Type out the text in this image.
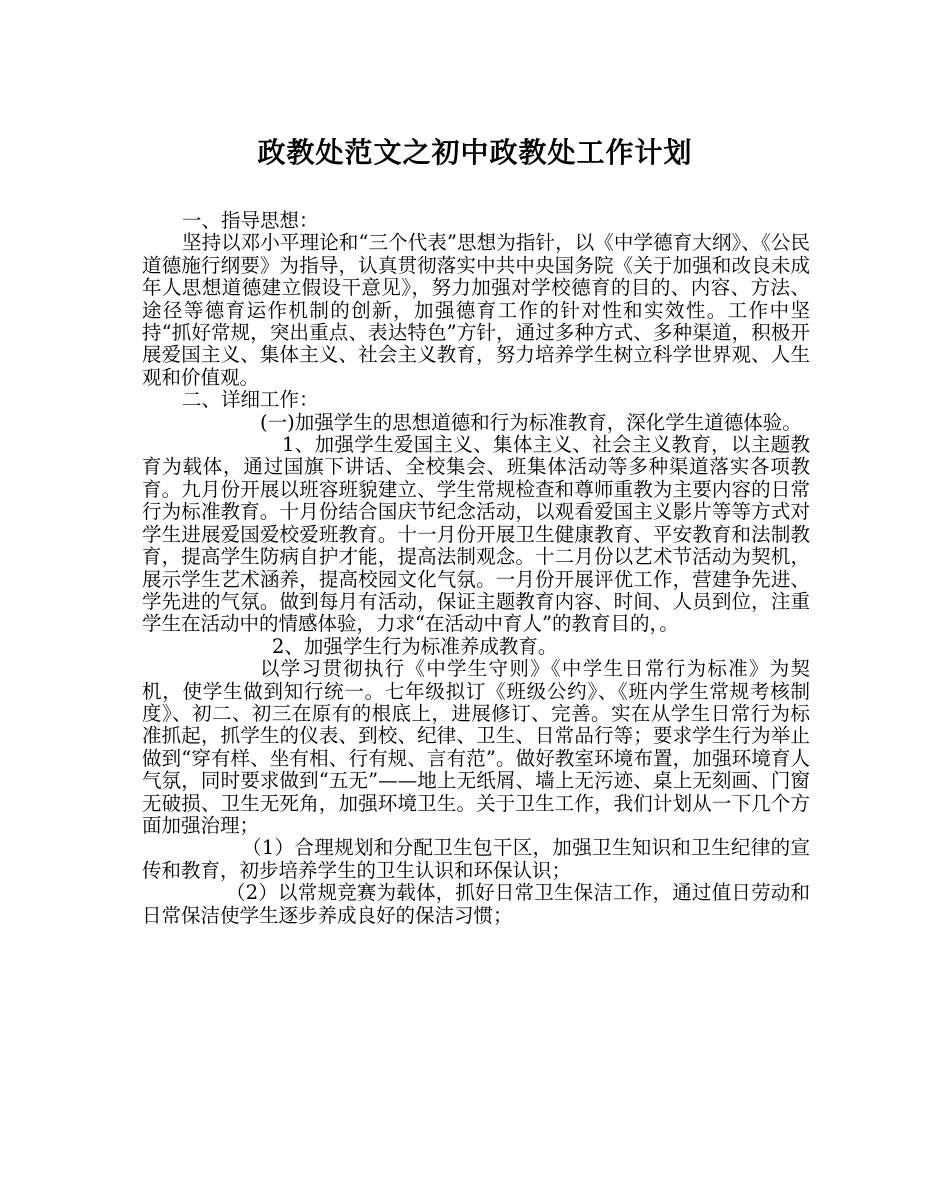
政教处范文之初中政教处工作计划

一、指导思想：

坚持以邓小平理论和“三个代表”思想为指针，以《中学德育大纲》、《公民道德施行纲要》为指导，认真贯彻落实中共中央国务院《关于加强和改良未成年人思想道德建立假设干意见》，努力加强对学校德育的目的、内容、方法、途径等德育运作机制的创新，加强德育工作的针对性和实效性。工作中坚持“抓好常规，突出重点、表达特色”方针，通过多种方式、多种渠道，积极开展爱国主义、集体主义、社会主义教育，努力培养学生树立科学世界观、人生观和价值观。

二、详细工作：

(一)加强学生的思想道德和行为标准教育，深化学生道德体验。

1、加强学生爱国主义、集体主义、社会主义教育，以主题教育为载体，通过国旗下讲话、全校集会、班集体活动等多种渠道落实各项教育。九月份开展以班容班貌建立、学生常规检查和尊师重教为主要内容的日常行为标准教育。十月份结合国庆节纪念活动，以观看爱国主义影片等等方式对学生进展爱国爱校爱班教育。十一月份开展卫生健康教育、平安教育和法制教育，提高学生防病自护才能，提高法制观念。十二月份以艺术节活动为契机，展示学生艺术涵养，提高校园文化气氛。一月份开展评优工作，营建争先进、学先进的气氛。做到每月有活动，保证主题教育内容、时间、人员到位，注重学生在活动中的情感体验，力求“在活动中育人”的教育目的，。

2、加强学生行为标准养成教育。

以学习贯彻执行《中学生守则》《中学生日常行为标准》为契机，使学生做到知行统一。七年级拟订《班级公约》、《班内学生常规考核制度》、初二、初三在原有的根底上，进展修订、完善。实在从学生日常行为标准抓起，抓学生的仪表、到校、纪律、卫生、日常品行等；要求学生行为举止做到“穿有样、坐有相、行有规、言有范”。做好教室环境布置，加强环境育人气氛，同时要求做到“五无”——地上无纸屑、墙上无污迹、桌上无刻画、门窗无破损、卫生无死角，加强环境卫生。关于卫生工作，我们计划从一下几个方面加强治理；

（1）合理规划和分配卫生包干区，加强卫生知识和卫生纪律的宣传和教育，初步培养学生的卫生认识和环保认识；

（2）以常规竞赛为载体，抓好日常卫生保洁工作，通过值日劳动和日常保洁使学生逐步养成良好的保洁习惯；
